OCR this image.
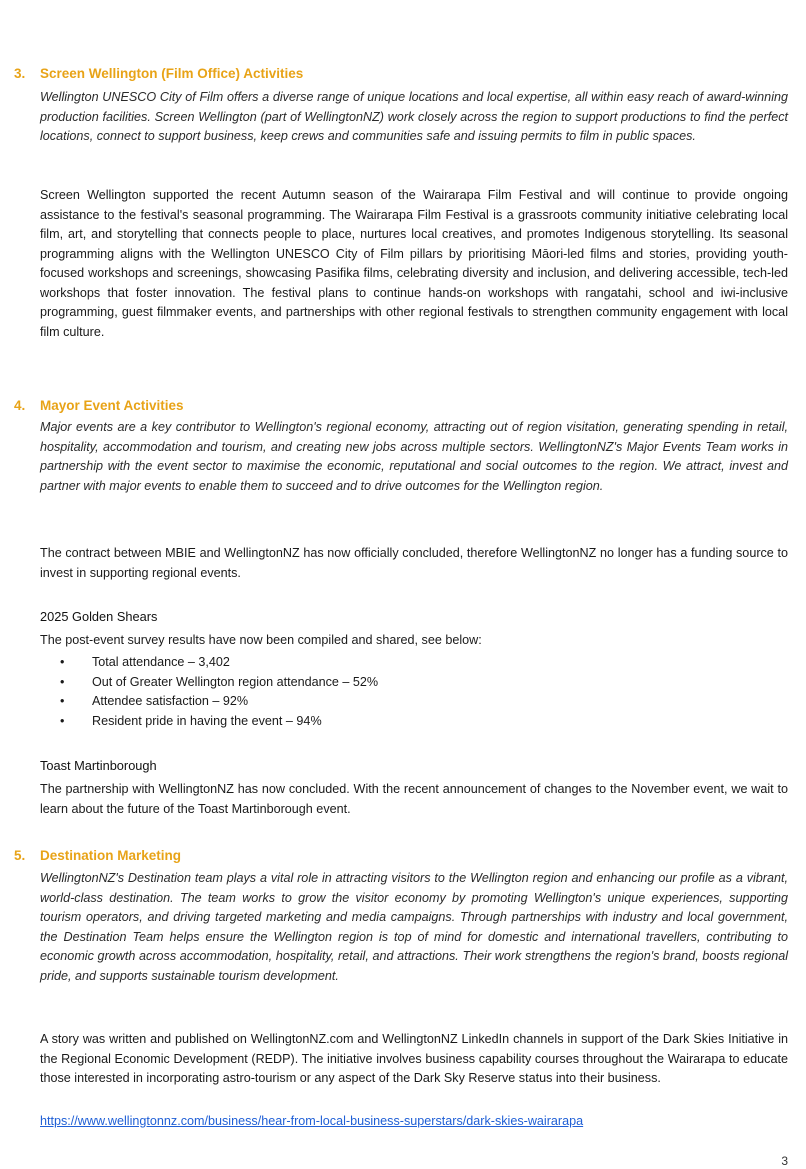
3.	Screen Wellington (Film Office) Activities

Wellington UNESCO City of Film offers a diverse range of unique locations and local expertise, all within easy reach of award-winning production facilities. Screen Wellington (part of WellingtonNZ) work closely across the region to support productions to find the perfect locations, connect to support business, keep crews and communities safe and issuing permits to film in public spaces.

Screen Wellington supported the recent Autumn season of the Wairarapa Film Festival and will continue to provide ongoing assistance to the festival's seasonal programming. The Wairarapa Film Festival is a grassroots community initiative celebrating local film, art, and storytelling that connects people to place, nurtures local creatives, and promotes Indigenous storytelling. Its seasonal programming aligns with the Wellington UNESCO City of Film pillars by prioritising Māori-led films and stories, providing youth-focused workshops and screenings, showcasing Pasifika films, celebrating diversity and inclusion, and delivering accessible, tech-led workshops that foster innovation. The festival plans to continue hands-on workshops with rangatahi, school and iwi-inclusive programming, guest filmmaker events, and partnerships with other regional festivals to strengthen community engagement with local film culture.

4.	Mayor Event Activities

Major events are a key contributor to Wellington's regional economy, attracting out of region visitation, generating spending in retail, hospitality, accommodation and tourism, and creating new jobs across multiple sectors. WellingtonNZ's Major Events Team works in partnership with the event sector to maximise the economic, reputational and social outcomes to the region. We attract, invest and partner with major events to enable them to succeed and to drive outcomes for the Wellington region.

The contract between MBIE and WellingtonNZ has now officially concluded, therefore WellingtonNZ no longer has a funding source to invest in supporting regional events.

2025 Golden Shears

The post-event survey results have now been compiled and shared, see below:

•	Total attendance – 3,402
•	Out of Greater Wellington region attendance – 52%
•	Attendee satisfaction – 92%
•	Resident pride in having the event – 94%
Toast Martinborough

The partnership with WellingtonNZ has now concluded. With the recent announcement of changes to the November event, we wait to learn about the future of the Toast Martinborough event.

5.	Destination Marketing

WellingtonNZ's Destination team plays a vital role in attracting visitors to the Wellington region and enhancing our profile as a vibrant, world-class destination. The team works to grow the visitor economy by promoting Wellington's unique experiences, supporting tourism operators, and driving targeted marketing and media campaigns. Through partnerships with industry and local government, the Destination Team helps ensure the Wellington region is top of mind for domestic and international travellers, contributing to economic growth across accommodation, hospitality, retail, and attractions. Their work strengthens the region's brand, boosts regional pride, and supports sustainable tourism development.

A story was written and published on WellingtonNZ.com and WellingtonNZ LinkedIn channels in support of the Dark Skies Initiative in the Regional Economic Development (REDP). The initiative involves business capability courses throughout the Wairarapa to educate those interested in incorporating astro-tourism or any aspect of the Dark Sky Reserve status into their business.

https://www.wellingtonnz.com/business/hear-from-local-business-superstars/dark-skies-wairarapa
3
